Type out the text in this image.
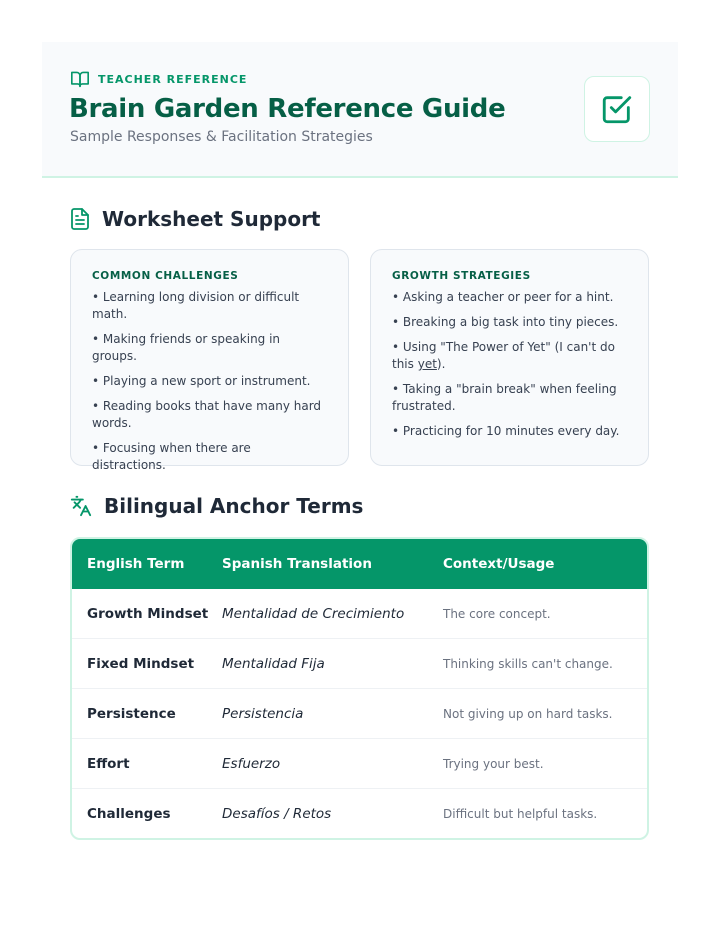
TEACHER REFERENCE
Brain Garden Reference Guide
Sample Responses & Facilitation Strategies
Worksheet Support
COMMON CHALLENGES
• Learning long division or difficult math.
• Making friends or speaking in groups.
• Playing a new sport or instrument.
• Reading books that have many hard words.
• Focusing when there are distractions.
GROWTH STRATEGIES
• Asking a teacher or peer for a hint.
• Breaking a big task into tiny pieces.
• Using "The Power of Yet" (I can't do this yet).
• Taking a "brain break" when feeling frustrated.
• Practicing for 10 minutes every day.
Bilingual Anchor Terms
English Term	Spanish Translation	Context/Usage
Growth Mindset	Mentalidad de Crecimiento	The core concept.
Fixed Mindset	Mentalidad Fija	Thinking skills can't change.
Persistence	Persistencia	Not giving up on hard tasks.
Effort	Esfuerzo	Trying your best.
Challenges	Desafíos / Retos	Difficult but helpful tasks.
